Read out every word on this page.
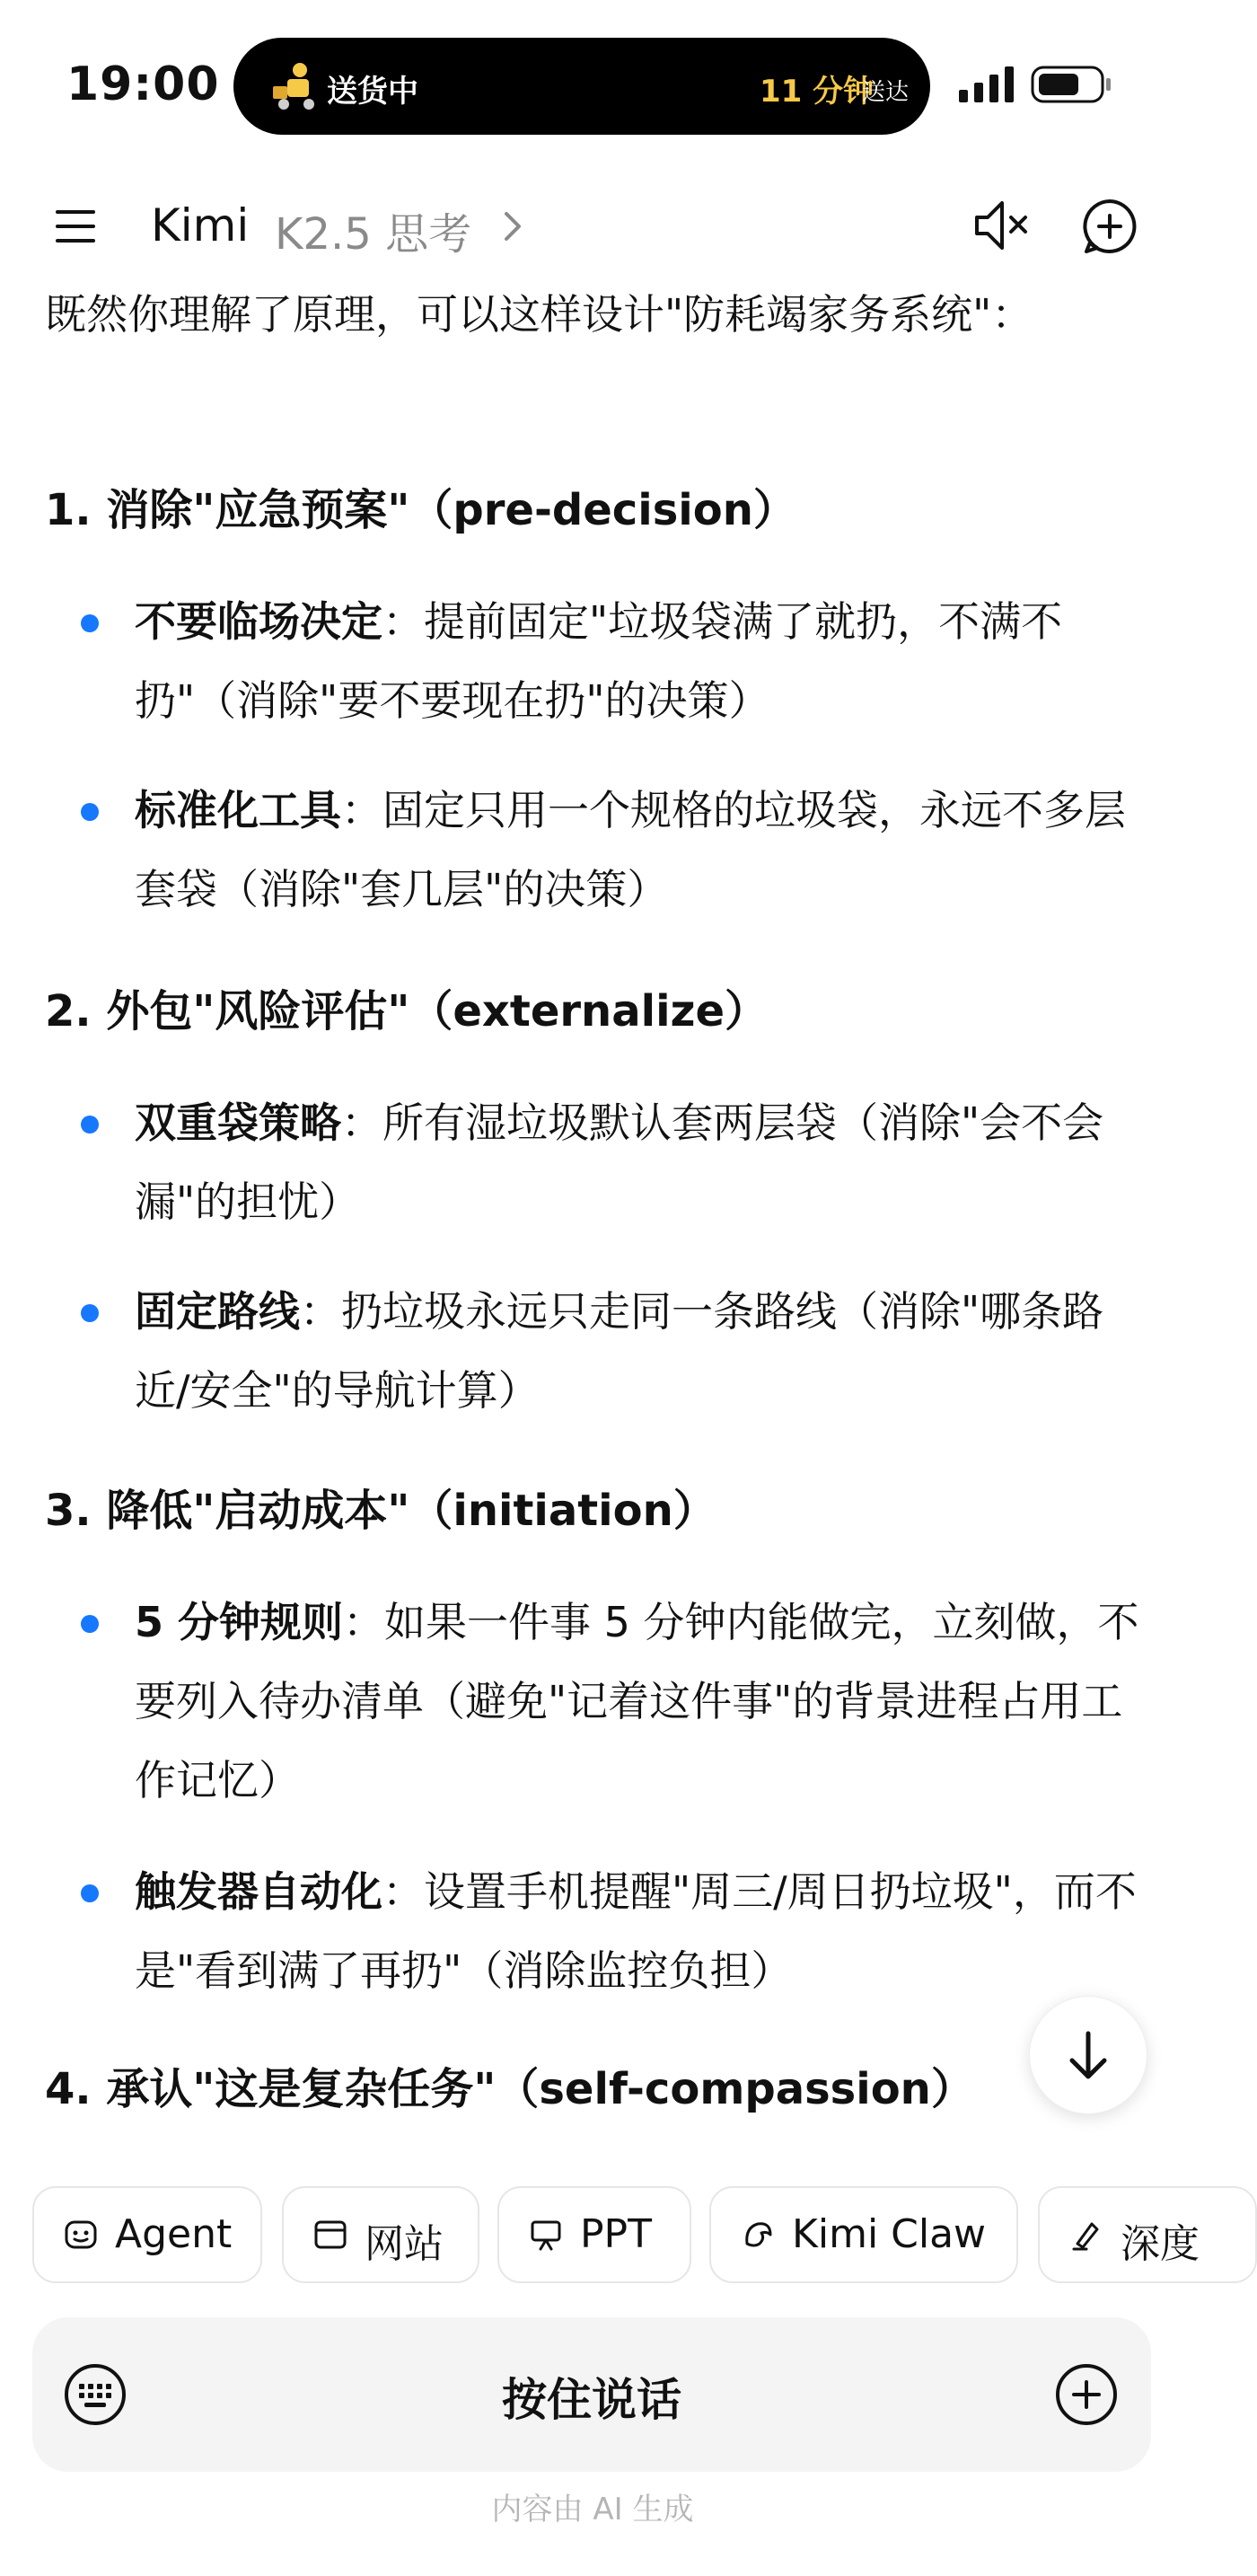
19:00	送货中	11 分钟
送达
Kimi K2.5 思考

既然你理解了原理，可以这样设计"防耗竭家务系统"：

1. 消除"应急预案"（pre-decision）

不要临场决定：提前固定"垃圾袋满了就扔，不满不扔"（消除"要不要现在扔"的决策）
标准化工具：固定只用一个规格的垃圾袋，永远不多层套袋（消除"套几层"的决策）

2. 外包"风险评估"（externalize）

双重袋策略：所有湿垃圾默认套两层袋（消除"会不会漏"的担忧）
固定路线：扔垃圾永远只走同一条路线（消除"哪条路近/安全"的导航计算）

3. 降低"启动成本"（initiation）

5 分钟规则：如果一件事 5 分钟内能做完，立刻做，不要列入待办清单（避免"记着这件事"的背景进程占用工作记忆）
触发器自动化：设置手机提醒"周三/周日扔垃圾"，而不是"看到满了再扔"（消除监控负担）

4. 承认"这是复杂任务"（self-compassion）

Agent	网站	PPT	Kimi Claw	深度
按住说话
内容由 AI 生成
